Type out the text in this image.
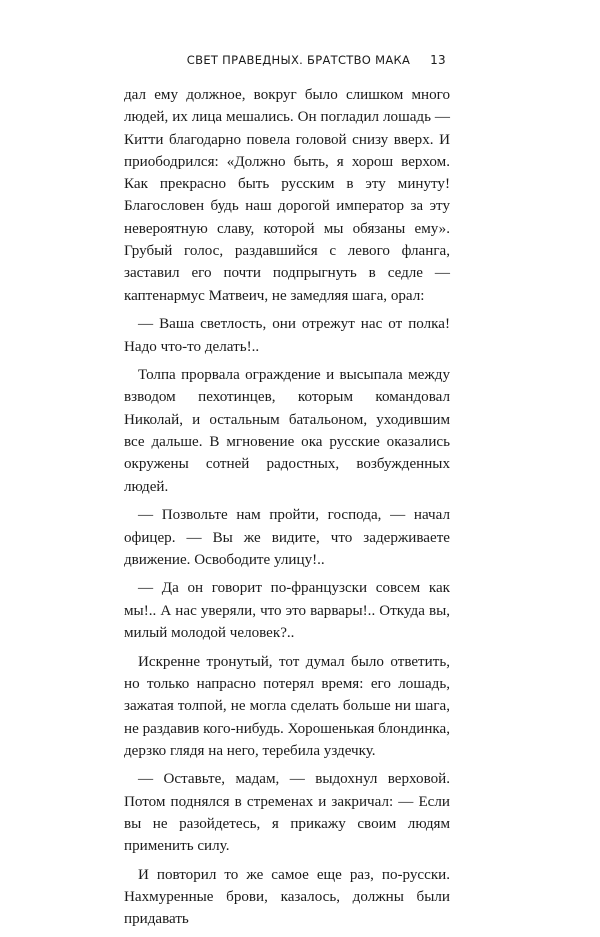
СВЕТ ПРАВЕДНЫХ. БРАТСТВО МАКА 13

дал ему должное, вокруг было слишком много людей, их лица мешались. Он погладил лошадь — Китти благодарно повела головой снизу вверх. И приободрился: «Должно быть, я хорош верхом. Как прекрасно быть русским в эту минуту! Благословен будь наш дорогой император за эту невероятную славу, которой мы обязаны ему». Грубый голос, раздавшийся с левого фланга, заставил его почти подпрыгнуть в седле — каптенармус Матвеич, не замедляя шага, орал:

— Ваша светлость, они отрежут нас от полка! Надо что-то делать!..

Толпа прорвала ограждение и высыпала между взводом пехотинцев, которым командовал Николай, и остальным батальоном, уходившим все дальше. В мгновение ока русские оказались окружены сотней радостных, возбужденных людей.

— Позвольте нам пройти, господа, — начал офицер. — Вы же видите, что задерживаете движение. Освободите улицу!..

— Да он говорит по-французски совсем как мы!.. А нас уверяли, что это варвары!.. Откуда вы, милый молодой человек?..

Искренне тронутый, тот думал было ответить, но только напрасно потерял время: его лошадь, зажатая толпой, не могла сделать больше ни шага, не раздавив кого-нибудь. Хорошенькая блондинка, дерзко глядя на него, теребила уздечку.

— Оставьте, мадам, — выдохнул верховой. Потом поднялся в стременах и закричал: — Если вы не разойдетесь, я прикажу своим людям применить силу.

И повторил то же самое еще раз, по-русски. Нахмуренные брови, казалось, должны были придавать
